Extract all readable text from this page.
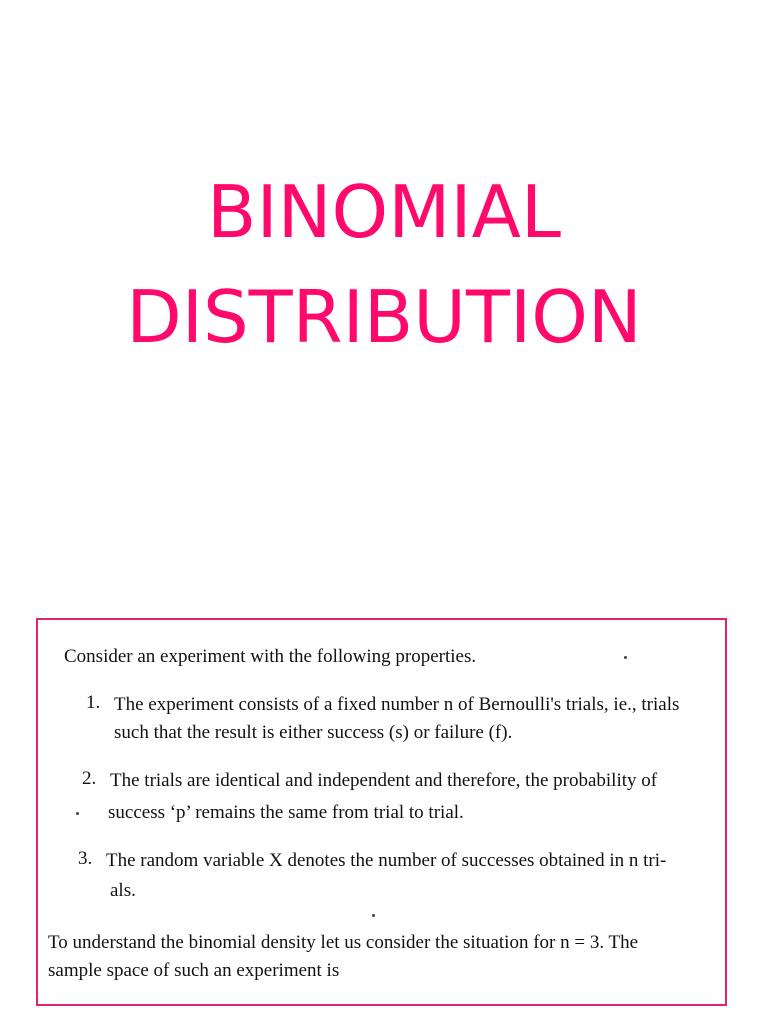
BINOMIAL
DISTRIBUTION
Consider an experiment with the following properties.
1. The experiment consists of a fixed number n of Bernoulli's trials, ie., trials
such that the result is either success (s) or failure (f).
2. The trials are identical and independent and therefore, the probability of
success ‘p’ remains the same from trial to trial.
3. The random variable X denotes the number of successes obtained in n tri-
als.
To understand the binomial density let us consider the situation for n = 3. The
sample space of such an experiment is
